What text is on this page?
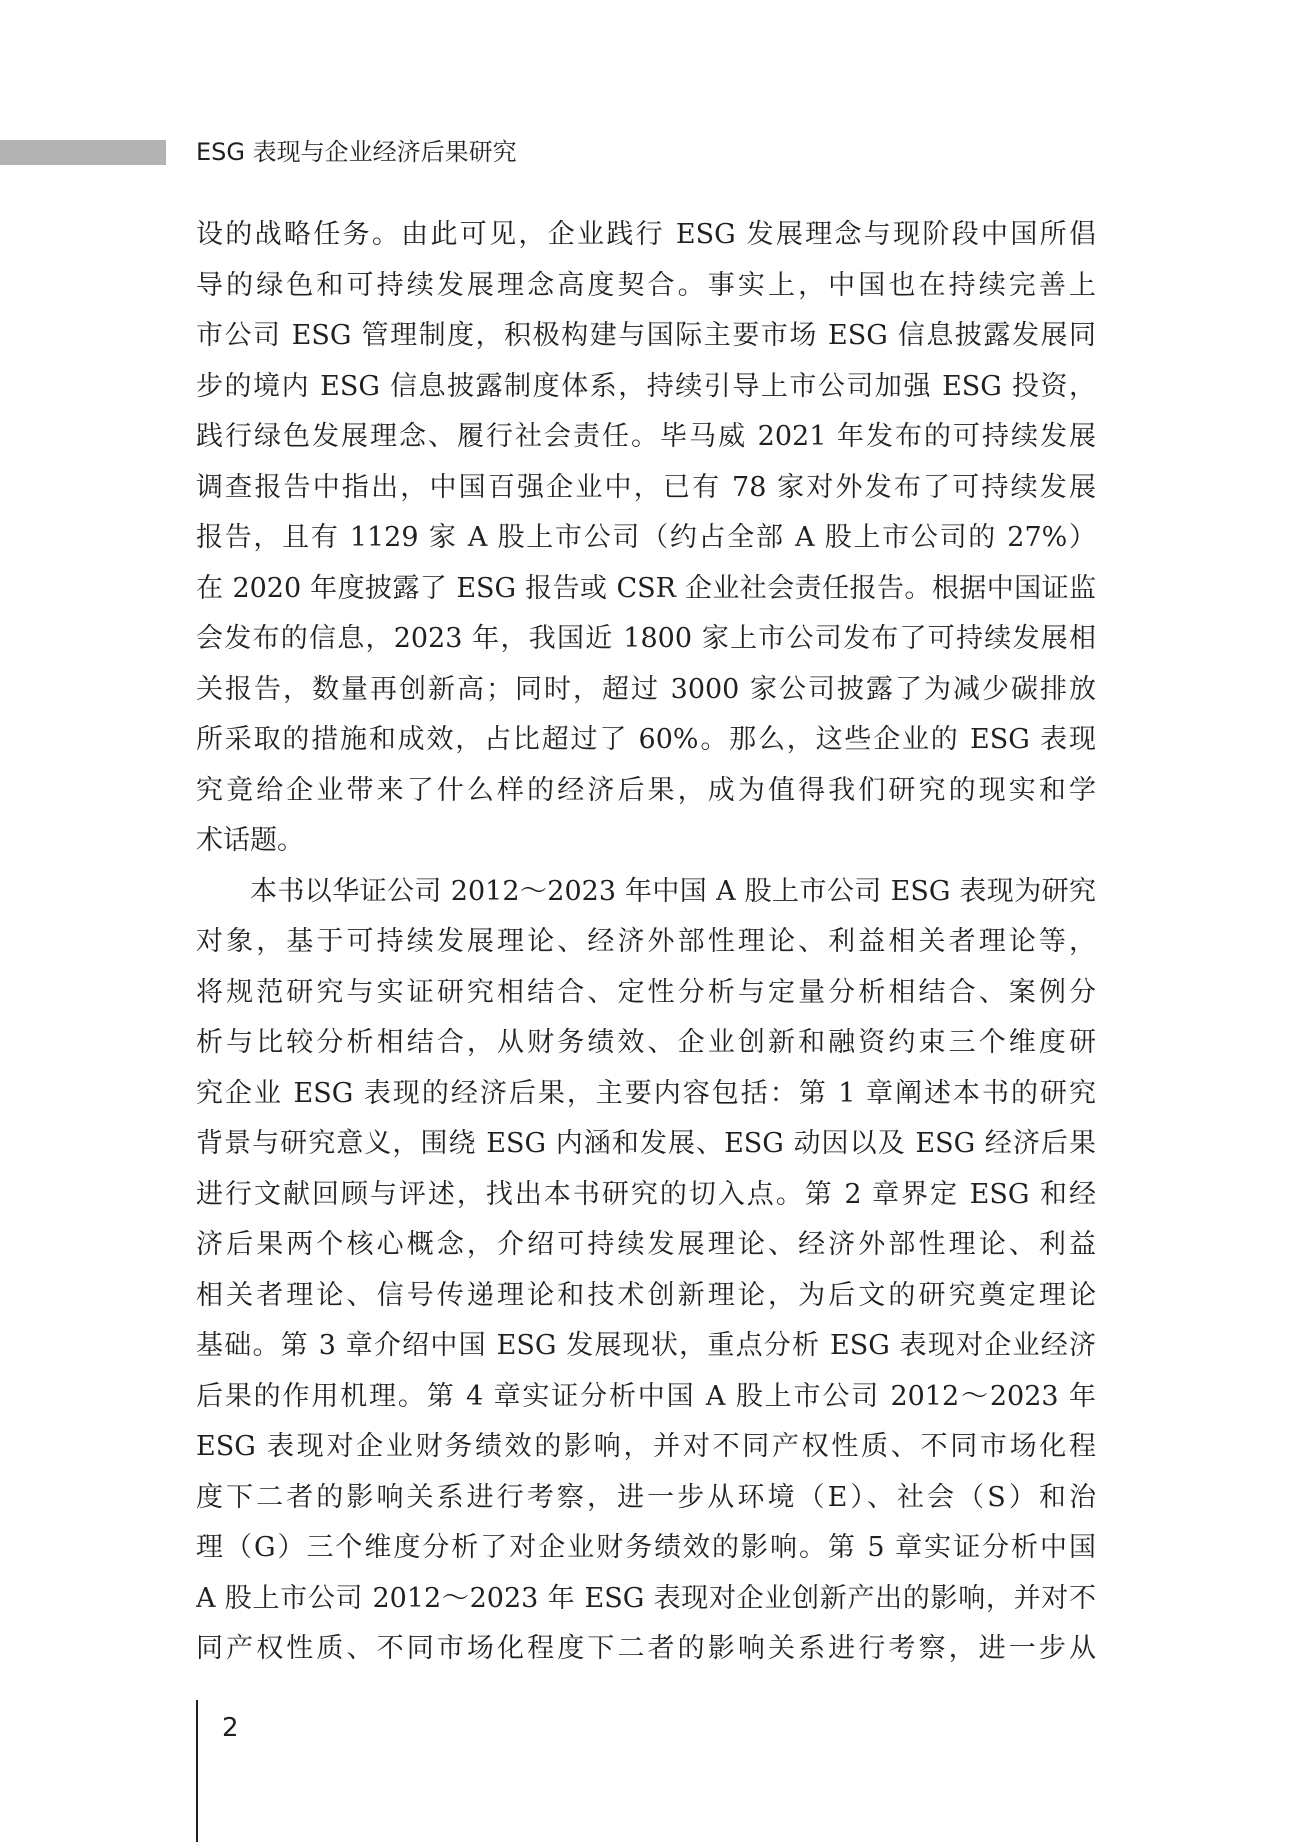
ESG 表现与企业经济后果研究
设的战略任务。由此可见，企业践行 ESG 发展理念与现阶段中国所倡
导的绿色和可持续发展理念高度契合。事实上，中国也在持续完善上
市公司 ESG 管理制度，积极构建与国际主要市场 ESG 信息披露发展同
步的境内 ESG 信息披露制度体系，持续引导上市公司加强 ESG 投资，
践行绿色发展理念、履行社会责任。毕马威 2021 年发布的可持续发展
调查报告中指出，中国百强企业中，已有 78 家对外发布了可持续发展
报告，且有 1129 家 A 股上市公司（约占全部 A 股上市公司的 27%）
在 2020 年度披露了 ESG 报告或 CSR 企业社会责任报告。根据中国证监
会发布的信息，2023 年，我国近 1800 家上市公司发布了可持续发展相
关报告，数量再创新高；同时，超过 3000 家公司披露了为减少碳排放
所采取的措施和成效，占比超过了 60%。那么，这些企业的 ESG 表现
究竟给企业带来了什么样的经济后果，成为值得我们研究的现实和学
术话题。
本书以华证公司 2012～2023 年中国 A 股上市公司 ESG 表现为研究
对象，基于可持续发展理论、经济外部性理论、利益相关者理论等，
将规范研究与实证研究相结合、定性分析与定量分析相结合、案例分
析与比较分析相结合，从财务绩效、企业创新和融资约束三个维度研
究企业 ESG 表现的经济后果，主要内容包括：第 1 章阐述本书的研究
背景与研究意义，围绕 ESG 内涵和发展、ESG 动因以及 ESG 经济后果
进行文献回顾与评述，找出本书研究的切入点。第 2 章界定 ESG 和经
济后果两个核心概念，介绍可持续发展理论、经济外部性理论、利益
相关者理论、信号传递理论和技术创新理论，为后文的研究奠定理论
基础。第 3 章介绍中国 ESG 发展现状，重点分析 ESG 表现对企业经济
后果的作用机理。第 4 章实证分析中国 A 股上市公司 2012～2023 年
ESG 表现对企业财务绩效的影响，并对不同产权性质、不同市场化程
度下二者的影响关系进行考察，进一步从环境（E）、社会（S）和治
理（G）三个维度分析了对企业财务绩效的影响。第 5 章实证分析中国
A 股上市公司 2012～2023 年 ESG 表现对企业创新产出的影响，并对不
同产权性质、不同市场化程度下二者的影响关系进行考察，进一步从
2
